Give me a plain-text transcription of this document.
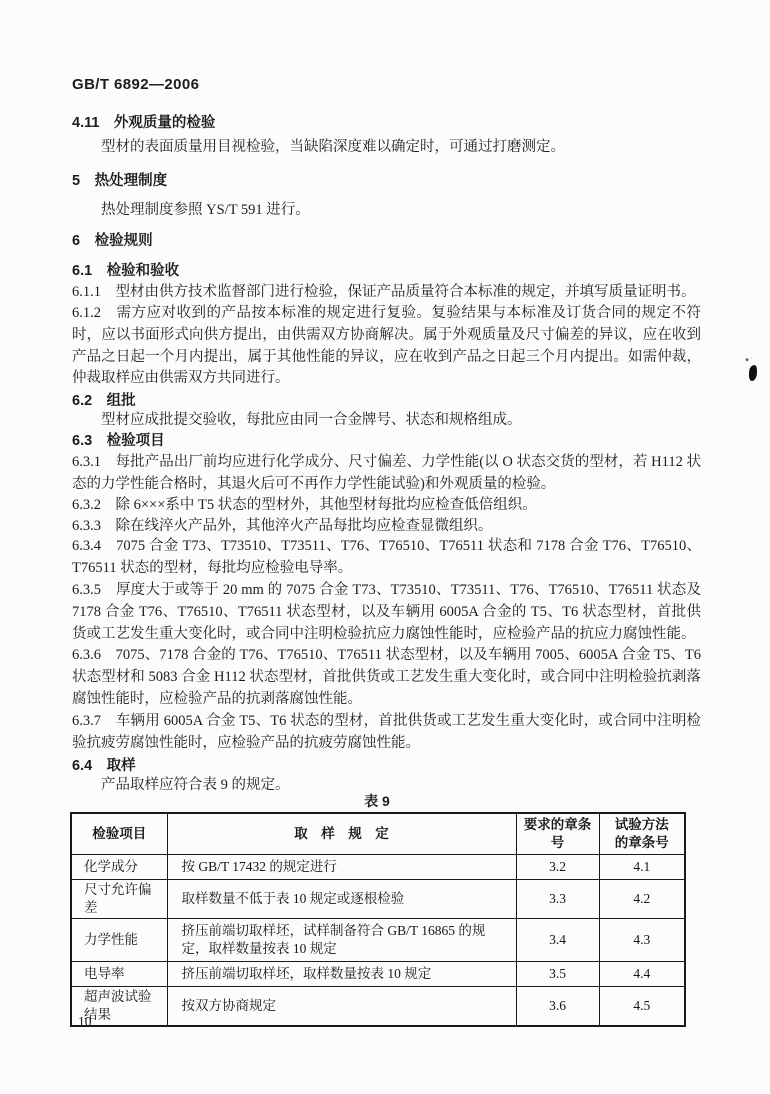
GB/T 6892—2006
4.11　外观质量的检验
型材的表面质量用目视检验，当缺陷深度难以确定时，可通过打磨测定。
5　热处理制度
热处理制度参照 YS/T 591 进行。
6　检验规则
6.1　检验和验收
6.1.1　型材由供方技术监督部门进行检验，保证产品质量符合本标准的规定，并填写质量证明书。
6.1.2　需方应对收到的产品按本标准的规定进行复验。复验结果与本标准及订货合同的规定不符时，应以书面形式向供方提出，由供需双方协商解决。属于外观质量及尺寸偏差的异议，应在收到产品之日起一个月内提出，属于其他性能的异议，应在收到产品之日起三个月内提出。如需仲裁，仲裁取样应由供需双方共同进行。
6.2　组批
型材应成批提交验收，每批应由同一合金牌号、状态和规格组成。
6.3　检验项目
6.3.1　每批产品出厂前均应进行化学成分、尺寸偏差、力学性能(以 O 状态交货的型材，若 H112 状态的力学性能合格时，其退火后可不再作力学性能试验)和外观质量的检验。
6.3.2　除 6×××系中 T5 状态的型材外，其他型材每批均应检查低倍组织。
6.3.3　除在线淬火产品外，其他淬火产品每批均应检查显微组织。
6.3.4　7075 合金 T73、T73510、T73511、T76、T76510、T76511 状态和 7178 合金 T76、T76510、T76511 状态的型材，每批均应检验电导率。
6.3.5　厚度大于或等于 20 mm 的 7075 合金 T73、T73510、T73511、T76、T76510、T76511 状态及 7178 合金 T76、T76510、T76511 状态型材，以及车辆用 6005A 合金的 T5、T6 状态型材，首批供货或工艺发生重大变化时，或合同中注明检验抗应力腐蚀性能时，应检验产品的抗应力腐蚀性能。
6.3.6　7075、7178 合金的 T76、T76510、T76511 状态型材，以及车辆用 7005、6005A 合金 T5、T6 状态型材和 5083 合金 H112 状态型材，首批供货或工艺发生重大变化时，或合同中注明检验抗剥落腐蚀性能时，应检验产品的抗剥落腐蚀性能。
6.3.7　车辆用 6005A 合金 T5、T6 状态的型材，首批供货或工艺发生重大变化时，或合同中注明检验抗疲劳腐蚀性能时，应检验产品的抗疲劳腐蚀性能。
6.4　取样
产品取样应符合表 9 的规定。
表 9
检验项目	取　样　规　定	要求的章条号	试验方法
的章条号

化学成分	按 GB/T 17432 的规定进行	3.2	4.1
尺寸允许偏差	取样数量不低于表 10 规定或逐根检验	3.3	4.2
力学性能	挤压前端切取样坯，试样制备符合 GB/T 16865 的规定，取样数量按表 10 规定	3.4	4.3
电导率	挤压前端切取样坯，取样数量按表 10 规定	3.5	4.4
超声波试验结果	按双方协商规定	3.6	4.5
10
